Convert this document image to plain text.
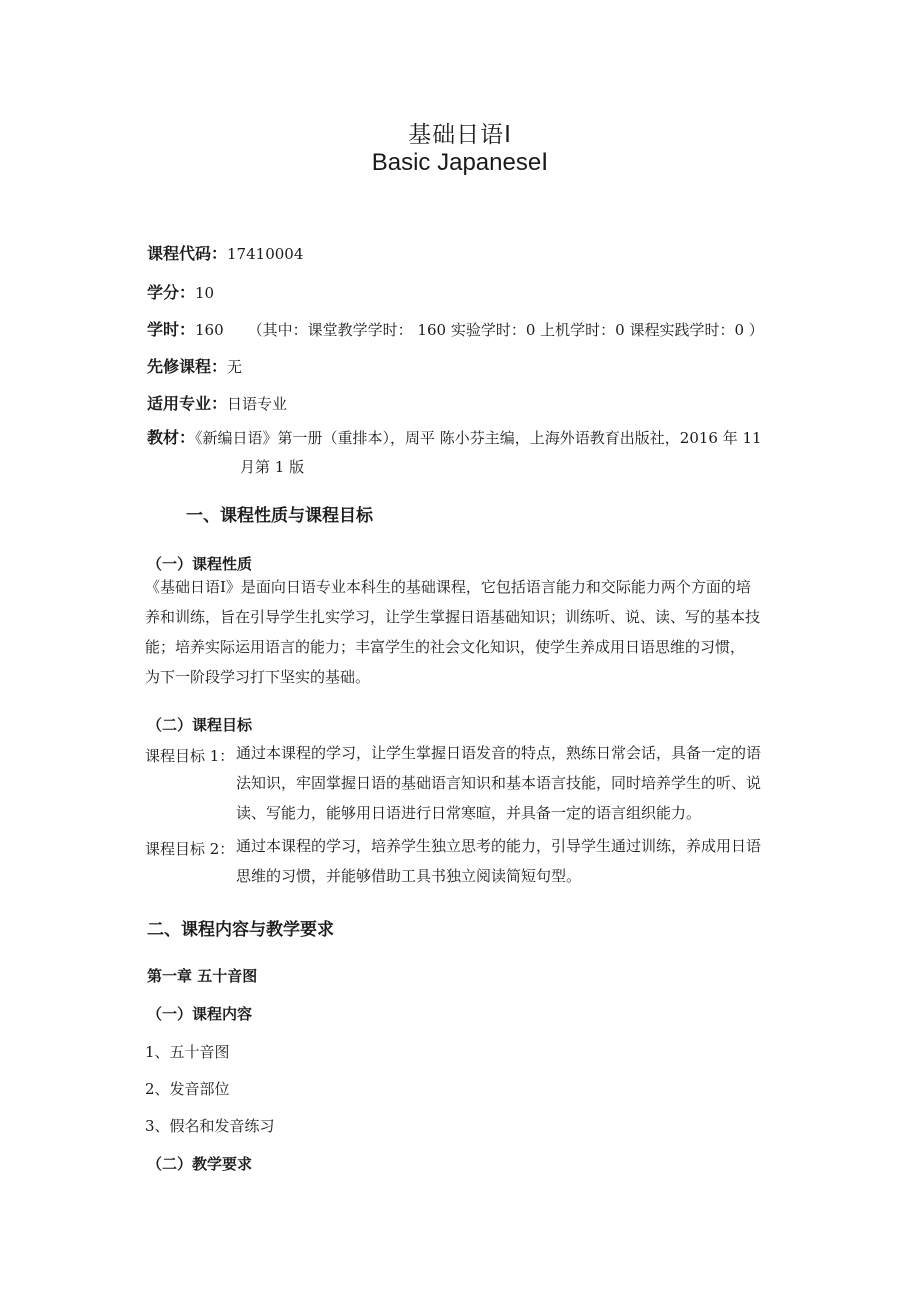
基础日语Ⅰ
Basic JapaneseⅠ
课程代码：17410004
学分：10
学时：160 （其中：课堂教学学时： 160 实验学时：0 上机学时：0 课程实践学时：0 ）
先修课程：无
适用专业：日语专业
教材：《新编日语》第一册（重排本），周平 陈小芬主编，上海外语教育出版社，2016 年 11
月第 1 版
一、课程性质与课程目标
（一）课程性质
《基础日语Ⅰ》是面向日语专业本科生的基础课程，它包括语言能力和交际能力两个方面的培
养和训练，旨在引导学生扎实学习，让学生掌握日语基础知识；训练听、说、读、写的基本技
能；培养实际运用语言的能力；丰富学生的社会文化知识，使学生养成用日语思维的习惯，
为下一阶段学习打下坚实的基础。
（二）课程目标
课程目标 1： 通过本课程的学习，让学生掌握日语发音的特点，熟练日常会话，具备一定的语
法知识，牢固掌握日语的基础语言知识和基本语言技能，同时培养学生的听、说
读、写能力，能够用日语进行日常寒暄，并具备一定的语言组织能力。
课程目标 2： 通过本课程的学习，培养学生独立思考的能力，引导学生通过训练，养成用日语
思维的习惯，并能够借助工具书独立阅读简短句型。
二、课程内容与教学要求
第一章 五十音图
（一）课程内容
1、五十音图
2、发音部位
3、假名和发音练习
（二）教学要求
